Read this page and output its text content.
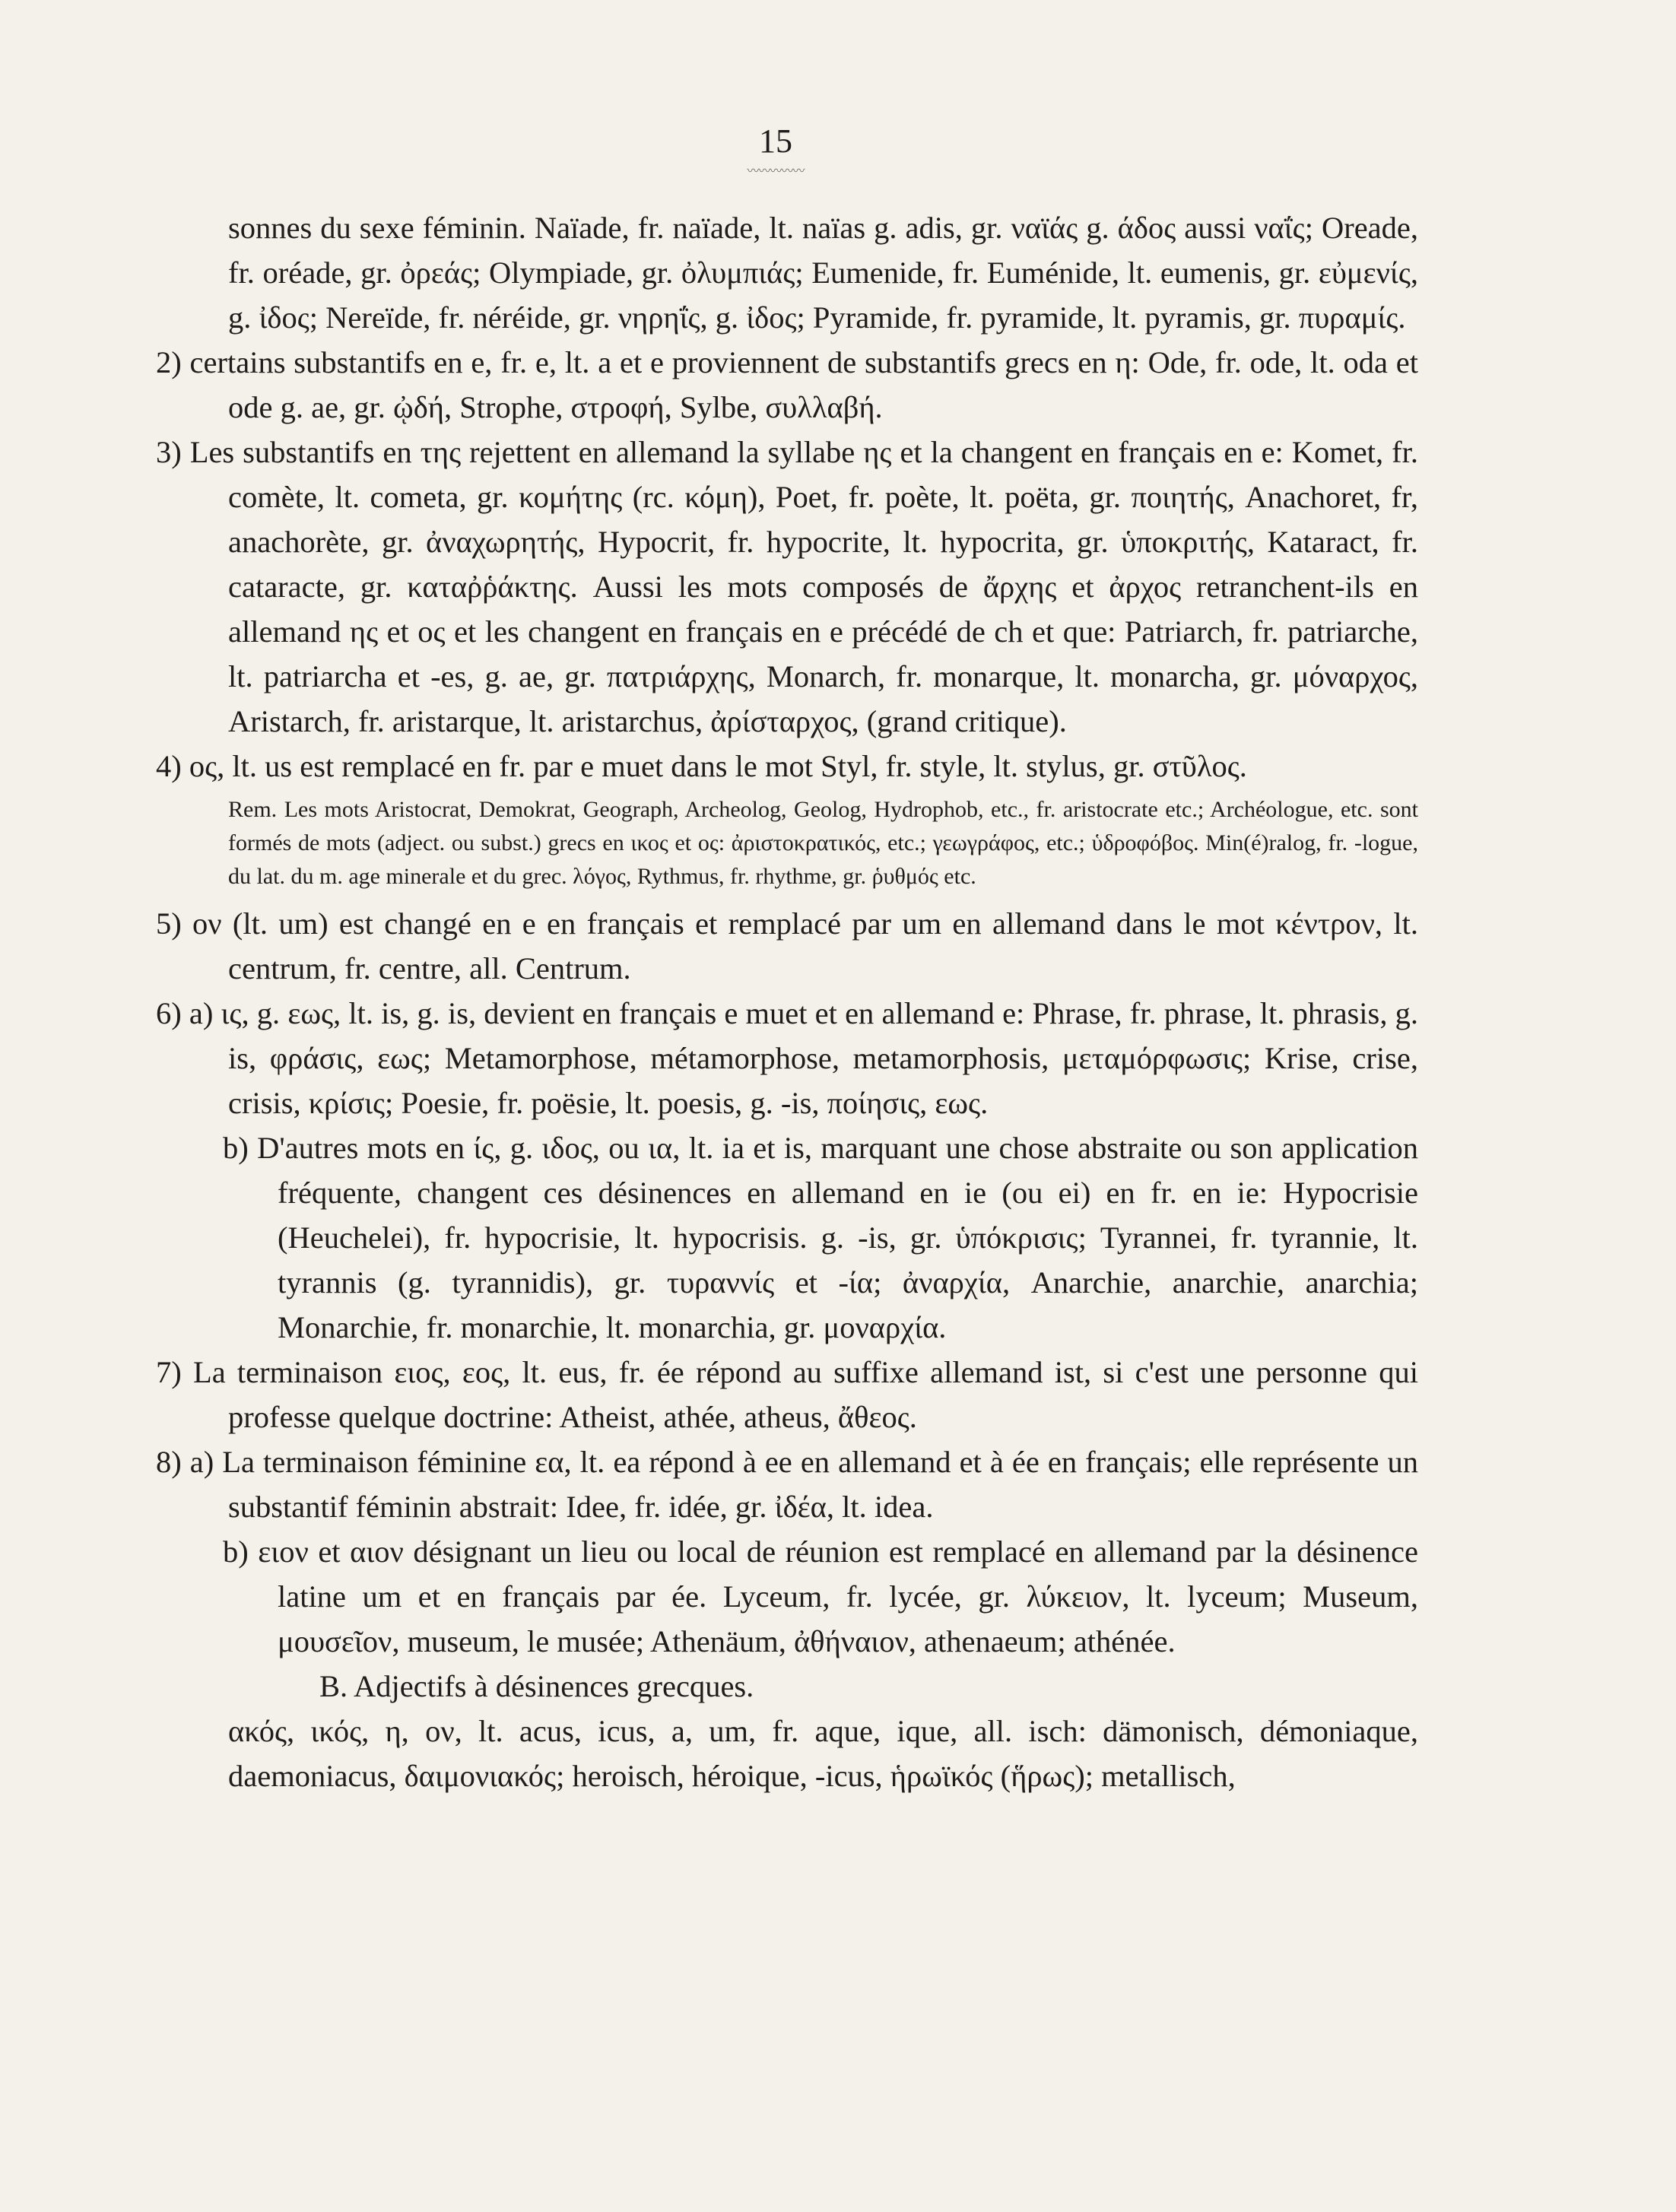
15
〰〰〰〰〰

sonnes du sexe féminin. Naïade, fr. naïade, lt. naïas g. adis, gr. ναϊάς g. άδος aussi ναΐς; Oreade, fr. oréade, gr. ὀρεάς; Olympiade, gr. ὀλυμπιάς; Eumenide, fr. Euménide, lt. eumenis, gr. εὐμενίς, g. ἰδος; Nereïde, fr. néréide, gr. νηρηΐς, g. ἰδος; Pyramide, fr. pyramide, lt. pyramis, gr. πυραμίς.

2) certains substantifs en e, fr. e, lt. a et e proviennent de substantifs grecs en η: Ode, fr. ode, lt. oda et ode g. ae, gr. ᾠδή, Strophe, στροφή, Sylbe, συλλαβή.

3) Les substantifs en της rejettent en allemand la syllabe ης et la changent en français en e: Komet, fr. comète, lt. cometa, gr. κομήτης (rc. κόμη), Poet, fr. poète, lt. poëta, gr. ποιητής, Anachoret, fr, anachorète, gr. ἀναχωρητής, Hypocrit, fr. hypocrite, lt. hypocrita, gr. ὑποκριτής, Kataract, fr. cataracte, gr. καταῤῥάκτης. Aussi les mots composés de ἄρχης et ἀρχος retranchent-ils en allemand ης et ος et les changent en français en e précédé de ch et que: Patriarch, fr. patriarche, lt. patriarcha et -es, g. ae, gr. πατριάρχης, Monarch, fr. monarque, lt. monarcha, gr. μόναρχος, Aristarch, fr. aristarque, lt. aristarchus, ἀρίσταρχος, (grand critique).

4) ος, lt. us est remplacé en fr. par e muet dans le mot Styl, fr. style, lt. stylus, gr. στῦλος.

Rem. Les mots Aristocrat, Demokrat, Geograph, Archeolog, Geolog, Hydrophob, etc., fr. aristocrate etc.; Archéologue, etc. sont formés de mots (adject. ou subst.) grecs en ικος et ος: ἀριστοκρατικός, etc.; γεωγράφος, etc.; ὑδροφόβος. Min(é)ralog, fr. -logue, du lat. du m. age minerale et du grec. λόγος, Rythmus, fr. rhythme, gr. ῥυθμός etc.

5) ον (lt. um) est changé en e en français et remplacé par um en allemand dans le mot κέντρον, lt. centrum, fr. centre, all. Centrum.

6) a) ις, g. εως, lt. is, g. is, devient en français e muet et en allemand e: Phrase, fr. phrase, lt. phrasis, g. is, φράσις, εως; Metamorphose, métamorphose, metamorphosis, μεταμόρφωσις; Krise, crise, crisis, κρίσις; Poesie, fr. poësie, lt. poesis, g. -is, ποίησις, εως.

b) D'autres mots en ίς, g. ιδος, ou ια, lt. ia et is, marquant une chose abstraite ou son application fréquente, changent ces désinences en allemand en ie (ou ei) en fr. en ie: Hypocrisie (Heuchelei), fr. hypocrisie, lt. hypocrisis. g. -is, gr. ὑπόκρισις; Tyrannei, fr. tyrannie, lt. tyrannis (g. tyrannidis), gr. τυραννίς et -ία; ἀναρχία, Anarchie, anarchie, anarchia; Monarchie, fr. monarchie, lt. monarchia, gr. μοναρχία.

7) La terminaison ειος, εος, lt. eus, fr. ée répond au suffixe allemand ist, si c'est une personne qui professe quelque doctrine: Atheist, athée, atheus, ἄθεος.

8) a) La terminaison féminine εα, lt. ea répond à ee en allemand et à ée en français; elle représente un substantif féminin abstrait: Idee, fr. idée, gr. ἰδέα, lt. idea.

b) ειον et αιον désignant un lieu ou local de réunion est remplacé en allemand par la désinence latine um et en français par ée. Lyceum, fr. lycée, gr. λύκειον, lt. lyceum; Museum, μουσεῖον, museum, le musée; Athenäum, ἀθήναιον, athenaeum; athénée.

B. Adjectifs à désinences grecques.

ακός, ικός, η, ον, lt. acus, icus, a, um, fr. aque, ique, all. isch: dämonisch, démoniaque, daemoniacus, δαιμονιακός; heroisch, héroique, -icus, ἡρωϊκός (ἥρως); metallisch,
